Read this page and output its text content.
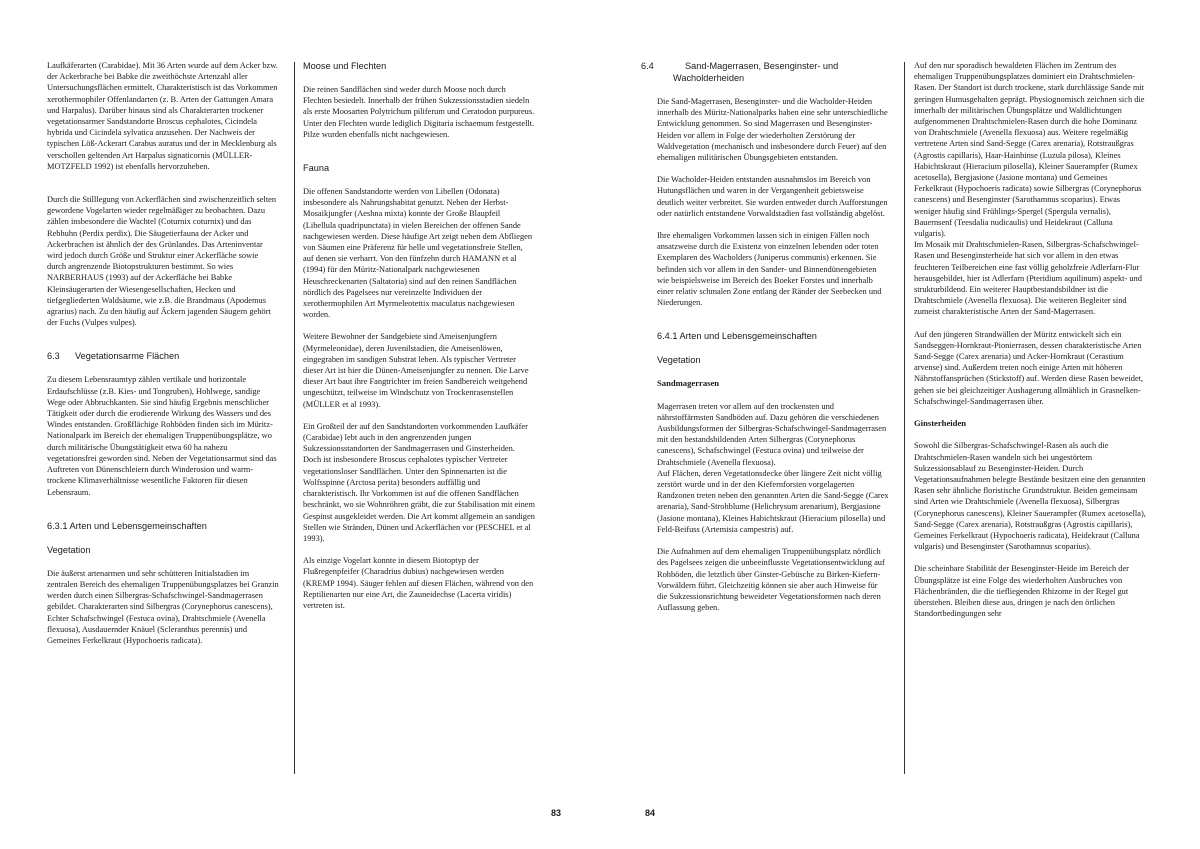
Laufkäferarten (Carabidae). Mit 36 Arten wurde auf dem Acker bzw. der Ackerbrache bei Babke die zweithöchste Artenzahl aller Untersuchungsflächen ermittelt. Charakteristisch ist das Vorkommen xerothermophiler Offenlandarten (z. B. Arten der Gattungen Amara und Harpalus). Darüber hinaus sind als Charakterarten trockener vegetationsarmer Sandstandorte Broscus cephalotes, Cicindela hybrida und Cicindela sylvatica anzusehen. Der Nachweis der typischen Löß-Ackerart Carabus auratus und der in Mecklenburg als verschollen geltenden Art Harpalus signaticornis (MÜLLER-MOTZFELD 1992) ist ebenfalls hervorzuheben.

Durch die Stilllegung von Ackerflächen sind zwischenzeitlich selten gewordene Vogelarten wieder regelmäßiger zu beobachten. Dazu zählen insbesondere die Wachtel (Coturnix coturnix) und das Rebhuhn (Perdix perdix). Die Säugetierfauna der Acker und Ackerbrachen ist ähnlich der des Grünlandes. Das Arteninventar wird jedoch durch Größe und Struktur einer Ackerfläche sowie durch angrenzende Biotopstrukturen bestimmt. So wies NARBERHAUS (1993) auf der Ackerfläche bei Babke Kleinsäugerarten der Wiesengesellschaften, Hecken und tiefgegliederten Waldsäume, wie z.B. die Brandmaus (Apodemus agrarius) nach. Zu den häufig auf Äckern jagenden Säugern gehört der Fuchs (Vulpes vulpes).

6.3 Vegetationsarme Flächen

Zu diesem Lebensraumtyp zählen vertikale und horizontale Erdaufschlüsse (z.B. Kies- und Tongruben), Hohlwege, sandige Wege oder Abbruchkanten. Sie sind häufig Ergebnis menschlicher Tätigkeit oder durch die erodierende Wirkung des Wassers und des Windes entstanden. Großflächige Rohböden finden sich im Müritz-Nationalpark im Bereich der ehemaligen Truppenübungsplätze, wo durch militärische Übungstätigkeit etwa 60 ha nahezu vegetationsfrei geworden sind. Neben der Vegetationsarmut sind das Auftreten von Dünenschleiern durch Winderosion und warm-trockene Klimaverhältnisse wesentliche Faktoren für diesen Lebensraum.

6.3.1 Arten und Lebensgemeinschaften
Vegetation

Die äußerst artenarmen und sehr schütteren Initialstadien im zentralen Bereich des ehemaligen Truppenübungsplatzes bei Granzin werden durch einen Silbergras-Schafschwingel-Sandmagerrasen gebildet. Charakterarten sind Silbergras (Corynephorus canescens), Echter Schafschwingel (Festuca ovina), Drahtschmiele (Avenella flexuosa), Ausdauernder Knäuel (Scleranthus perennis) und Gemeines Ferkelkraut (Hypochoeris radicata).

Moose und Flechten

Die reinen Sandflächen sind weder durch Moose noch durch Flechten besiedelt. Innerhalb der frühen Sukzessionsstadien siedeln als erste Moosarten Polytrichum piliferum und Ceratodon purpureus. Unter den Flechten wurde lediglich Digitaria ischaemum festgestellt. Pilze wurden ebenfalls nicht nachgewiesen.

Fauna

Die offenen Sandstandorte werden von Libellen (Odonata) insbesondere als Nahrungshabitat genutzt. Neben der Herbst-Mosaikjungfer (Aeshna mixta) konnte der Große Blaupfeil (Libellula quadripunctata) in vielen Bereichen der offenen Sande nachgewiesen werden. Diese häufige Art zeigt neben dem Abfliegen von Säumen eine Präferenz für helle und vegetationsfreie Stellen, auf denen sie verharrt. Von den fünfzehn durch HAMANN et al (1994) für den Müritz-Nationalpark nachgewiesenen Heuschreckenarten (Saltatoria) sind auf den reinen Sandflächen nördlich des Pagelsees nur vereinzelte Individuen der xerothermophilen Art Myrmeleotettix maculatus nachgewiesen worden.

Weitere Bewohner der Sandgebiete sind Ameisenjungfern (Myrmeleonidae), deren Juvenilstadien, die Ameisenlöwen, eingegraben im sandigen Substrat leben. Als typischer Vertreter dieser Art ist hier die Dünen-Ameisenjungfer zu nennen. Die Larve dieser Art baut ihre Fangtrichter im freien Sandbereich weitgehend ungeschützt, teilweise im Windschutz von Trockenrasenstellen (MÜLLER et al 1993).

Ein Großteil der auf den Sandstandorten vorkommenden Laufkäfer (Carabidae) lebt auch in den angrenzenden jungen Sukzessionsstandorten der Sandmagerrasen und Ginsterheiden. Doch ist insbesondere Broscus cephalotes typischer Vertreter vegetationsloser Sandflächen. Unter den Spinnenarten ist die Wolfsspinne (Arctosa perita) besonders auffällig und charakteristisch. Ihr Vorkommen ist auf die offenen Sandflächen beschränkt, wo sie Wohnröhren gräbt, die zur Stabilisation mit einem Gespinst ausgekleidet werden. Die Art kommt allgemein an sandigen Stellen wie Stränden, Dünen und Ackerflächen vor (PESCHEL et al 1993).

Als einzige Vogelart konnte in diesem Biotoptyp der Flußregenpfeifer (Charadrius dubius) nachgewiesen werden (KREMP 1994). Säuger fehlen auf diesen Flächen, während von den Reptilienarten nur eine Art, die Zauneidechse (Lacerta viridis) vertreten ist.

6.4	Sand-Magerrasen, Besenginster- und Wacholderheiden

Die Sand-Magerrasen, Besenginster- und die Wacholder-Heiden innerhalb des Müritz-Nationalparks haben eine sehr unterschiedliche Entwicklung genommen. So sind Magerrasen und Besenginster-Heiden vor allem in Folge der wiederholten Zerstörung der Waldvegetation (mechanisch und insbesondere durch Feuer) auf den ehemaligen militärischen Übungsgebieten entstanden.

Die Wacholder-Heiden entstanden ausnahmslos im Bereich von Hutungsflächen und waren in der Vergangenheit gebietsweise deutlich weiter verbreitet. Sie wurden entweder durch Aufforstungen oder natürlich entstandene Vorwaldstadien fast vollständig abgelöst.

Ihre ehemaligen Vorkommen lassen sich in einigen Fällen noch ansatzweise durch die Existenz von einzelnen lebenden oder toten Exemplaren des Wacholders (Juniperus communis) erkennen. Sie befinden sich vor allem in den Sander- und Binnendünengebieten wie beispielsweise im Bereich des Boeker Forstes und innerhalb einer relativ schmalen Zone entlang der Ränder der Seebecken und Niederungen.

6.4.1 Arten und Lebensgemeinschaften
Vegetation
Sandmagerrasen

Magerrasen treten vor allem auf den trockensten und nährstoffärmsten Sandböden auf. Dazu gehören die verschiedenen Ausbildungsformen der Silbergras-Schafschwingel-Sandmagerrasen mit den bestandsbildenden Arten Silbergras (Corynephorus canescens), Schafschwingel (Festuca ovina) und teilweise der Drahtschmiele (Avenella flexuosa).

Auf Flächen, deren Vegetationsdecke über längere Zeit nicht völlig zerstört wurde und in der den Kiefernforsten vorgelagerten Randzonen treten neben den genannten Arten die Sand-Segge (Carex arenaria), Sand-Strohblume (Helichrysum arenarium), Bergjasione (Jasione montana), Kleines Habichtskraut (Hieracium pilosella) und Feld-Beifuss (Artemisia campestris) auf.

Die Aufnahmen auf dem ehemaligen Truppenübungsplatz nördlich des Pagelsees zeigen die unbeeinflusste Vegetationsentwicklung auf Rohböden, die letztlich über Ginster-Gebüsche zu Birken-Kiefern-Vorwäldern führt. Gleichzeitig können sie aber auch Hinweise für die Sukzessionsrichtung beweideter Vegetationsformen nach deren Auflassung geben.

Auf den nur sporadisch bewaldeten Flächen im Zentrum des ehemaligen Truppenübungsplatzes dominiert ein Drahtschmielen-Rasen. Der Standort ist durch trockene, stark durchlässige Sande mit geringen Humusgehalten geprägt. Physiognomisch zeichnen sich die innerhalb der militärischen Übungsplätze und Waldlichtungen aufgenommenen Drahtschmielen-Rasen durch die hohe Dominanz von Drahtschmiele (Avenella flexuosa) aus. Weitere regelmäßig vertretene Arten sind Sand-Segge (Carex arenaria), Rotstraußgras (Agrostis capillaris), Haar-Hainbinse (Luzula pilosa), Kleines Habichtskraut (Hieracium pilosella), Kleiner Sauerampfer (Rumex acetosella), Bergjasione (Jasione montana) und Gemeines Ferkelkraut (Hypochoeris radicata) sowie Silbergras (Corynephorus canescens) und Besenginster (Sarothamnus scoparius). Etwas weniger häufig sind Frühlings-Spergel (Spergula vernalis), Bauernsenf (Teesdalia nudicaulis) und Heidekraut (Calluna vulgaris).

Im Mosaik mit Drahtschmielen-Rasen, Silbergras-Schafschwingel-Rasen und Besenginsterheide hat sich vor allem in den etwas feuchteren Teilbereichen eine fast völlig geholzfreie Adlerfarn-Flur herausgebildet, hier ist Adlerfarn (Pteridium aquilinum) aspekt- und strukturbildend. Ein weiterer Hauptbestandsbildner ist die Drahtschmiele (Avenella flexuosa). Die weiteren Begleiter sind zumeist charakteristische Arten der Sand-Magerrasen.

Auf den jüngeren Strandwällen der Müritz entwickelt sich ein Sandseggen-Hornkraut-Pionierrasen, dessen charakteristische Arten Sand-Segge (Carex arenaria) und Acker-Hornkraut (Cerastium arvense) sind. Außerdem treten noch einige Arten mit höheren Nährstoffansprüchen (Stickstoff) auf. Werden diese Rasen beweidet, gehen sie bei gleichzeitiger Aushagerung allmählich in Grasnelken-Schafschwingel-Sandmagerrasen über.

Ginsterheiden

Sowohl die Silbergras-Schafschwingel-Rasen als auch die Drahtschmielen-Rasen wandeln sich bei ungestörtem Sukzessionsablauf zu Besenginster-Heiden. Durch Vegetationsaufnahmen belegte Bestände besitzen eine den genannten Rasen sehr ähnliche floristische Grundstruktur. Beiden gemeinsam sind Arten wie Drahtschmiele (Avenella flexuosa), Silbergras (Corynephorus canescens), Kleiner Sauerampfer (Rumex acetosella), Sand-Segge (Carex arenaria), Rotstraußgras (Agrostis capillaris), Gemeines Ferkelkraut (Hypochoeris radicata), Heidekraut (Calluna vulgaris) und Besenginster (Sarothamnus scoparius).

Die scheinbare Stabilität der Besenginster-Heide im Bereich der Übungsplätze ist eine Folge des wiederholten Ausbruches von Flächenbränden, die die tiefliegenden Rhizome in der Regel gut überstehen. Bleiben diese aus, dringen je nach den örtlichen Standortbedingungen sehr

83	84
